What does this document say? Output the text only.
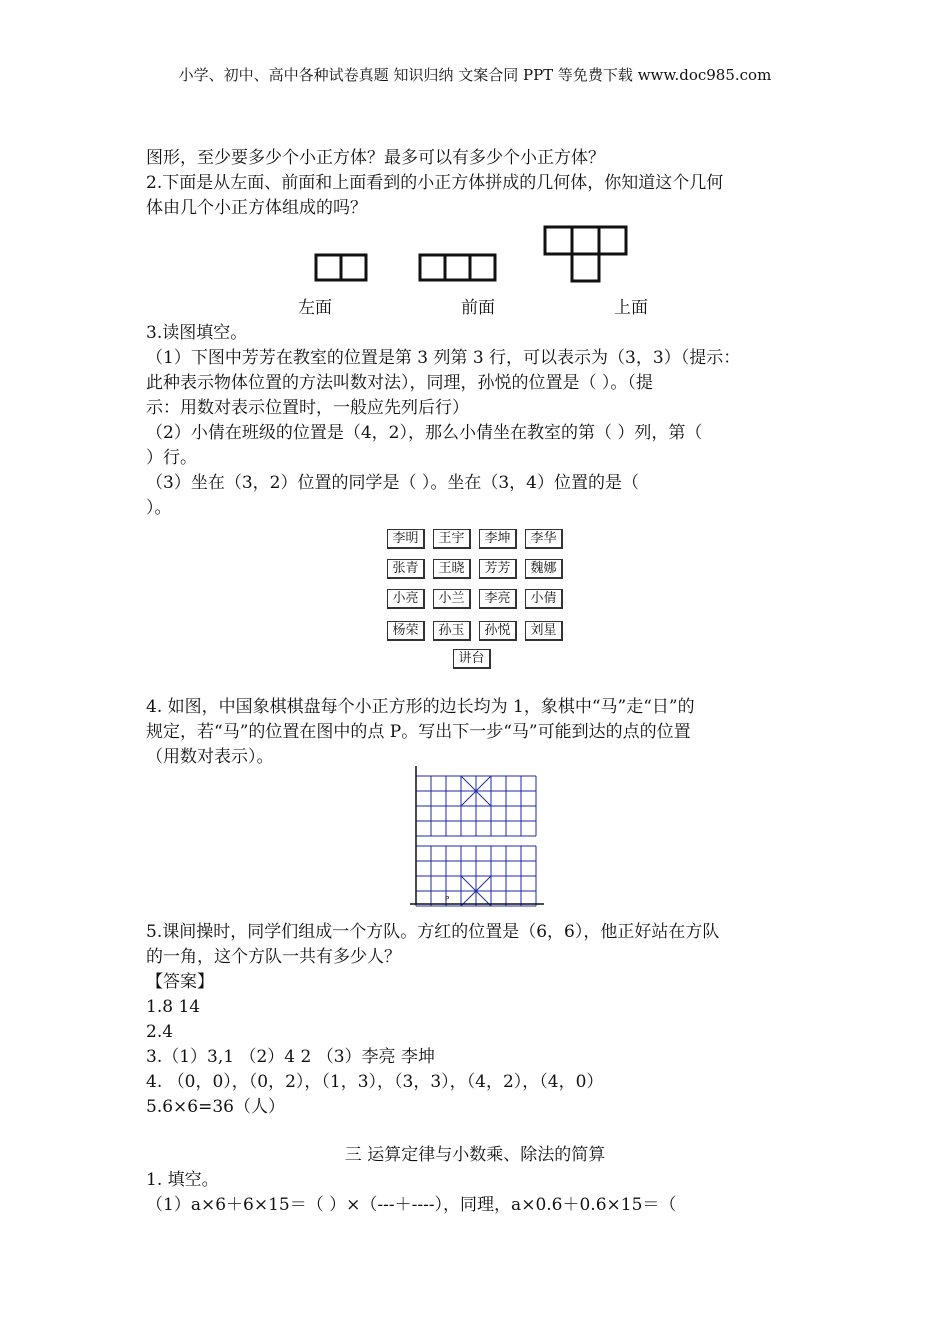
小学、初中、高中各种试卷真题 知识归纳 文案合同 PPT 等免费下载 www.doc985.com
图形，至少要多少个小正方体？最多可以有多少个小正方体？
2.下面是从左面、前面和上面看到的小正方体拼成的几何体，你知道这个几何
体由几个小正方体组成的吗？
左面	前面	上面
3.读图填空。
（1）下图中芳芳在教室的位置是第 3 列第 3 行，可以表示为（3，3）（提示：
此种表示物体位置的方法叫数对法），同理，孙悦的位置是（ ）。（提
示：用数对表示位置时，一般应先列后行）
（2）小倩在班级的位置是（4，2），那么小倩坐在教室的第（ ）列，第（
）行。
（3）坐在（3，2）位置的同学是（ ）。坐在（3，4）位置的是（
）。
李明	王宇	李坤	李华
张青	王晓	芳芳	魏娜
小亮	小兰	李亮	小倩
杨荣	孙玉	孙悦	刘星
讲台
4. 如图，中国象棋棋盘每个小正方形的边长均为 1，象棋中“马”走“日”的
规定，若“马”的位置在图中的点 P。写出下一步“马”可能到达的点的位置
（用数对表示）。
P
5.课间操时，同学们组成一个方队。方红的位置是（6，6），他正好站在方队
的一角，这个方队一共有多少人？
【答案】
1.8 14
2.4
3.（1）3,1 （2）4 2 （3）李亮 李坤
4. （0，0），（0，2），（1，3），（3，3），（4，2），（4，0）
5.6×6=36（人）
三 运算定律与小数乘、除法的简算
1. 填空。
（1）a×6＋6×15＝（ ）×（---＋----），同理，a×0.6＋0.6×15＝（
